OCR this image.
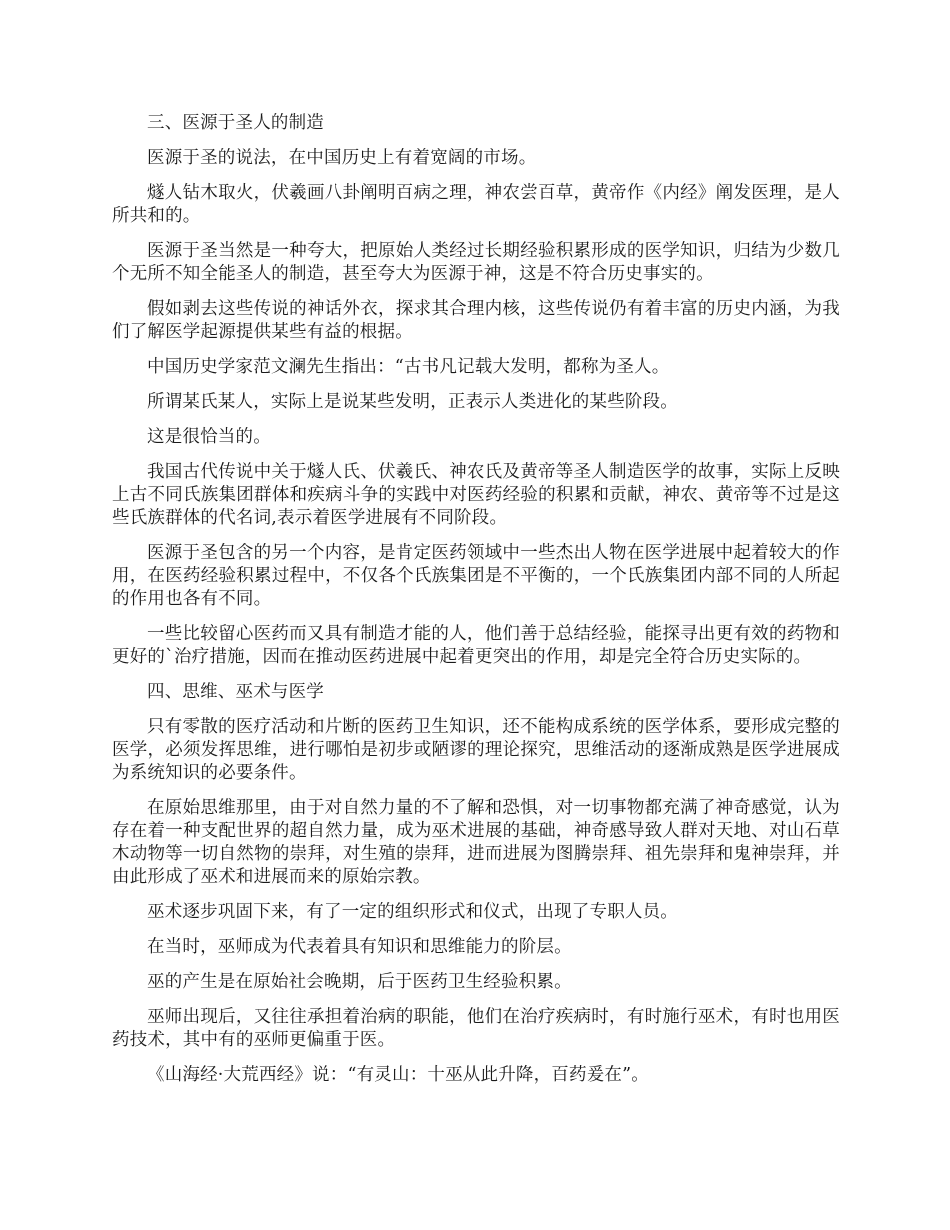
三、医源于圣人的制造

医源于圣的说法，在中国历史上有着宽阔的市场。

燧人钻木取火，伏羲画八卦阐明百病之理，神农尝百草，黄帝作《内经》阐发医理，是人所共和的。

医源于圣当然是一种夸大，把原始人类经过长期经验积累形成的医学知识，归结为少数几个无所不知全能圣人的制造，甚至夸大为医源于神，这是不符合历史事实的。

假如剥去这些传说的神话外衣，探求其合理内核，这些传说仍有着丰富的历史内涵，为我们了解医学起源提供某些有益的根据。

中国历史学家范文澜先生指出：“古书凡记载大发明，都称为圣人。

所谓某氏某人，实际上是说某些发明，正表示人类进化的某些阶段。

这是很恰当的。

我国古代传说中关于燧人氏、伏羲氏、神农氏及黄帝等圣人制造医学的故事，实际上反映上古不同氏族集团群体和疾病斗争的实践中对医药经验的积累和贡献，神农、黄帝等不过是这些氏族群体的代名词,表示着医学进展有不同阶段。

医源于圣包含的另一个内容，是肯定医药领域中一些杰出人物在医学进展中起着较大的作用，在医药经验积累过程中，不仅各个氏族集团是不平衡的，一个氏族集团内部不同的人所起的作用也各有不同。

一些比较留心医药而又具有制造才能的人，他们善于总结经验，能探寻出更有效的药物和更好的`治疗措施，因而在推动医药进展中起着更突出的作用，却是完全符合历史实际的。

四、思维、巫术与医学

只有零散的医疗活动和片断的医药卫生知识，还不能构成系统的医学体系，要形成完整的医学，必须发挥思维，进行哪怕是初步或陋谬的理论探究，思维活动的逐渐成熟是医学进展成为系统知识的必要条件。

在原始思维那里，由于对自然力量的不了解和恐惧，对一切事物都充满了神奇感觉，认为存在着一种支配世界的超自然力量，成为巫术进展的基础，神奇感导致人群对天地、对山石草木动物等一切自然物的崇拜，对生殖的崇拜，进而进展为图腾崇拜、祖先崇拜和鬼神崇拜，并由此形成了巫术和进展而来的原始宗教。

巫术逐步巩固下来，有了一定的组织形式和仪式，出现了专职人员。

在当时，巫师成为代表着具有知识和思维能力的阶层。

巫的产生是在原始社会晚期，后于医药卫生经验积累。

巫师出现后，又往往承担着治病的职能，他们在治疗疾病时，有时施行巫术，有时也用医药技术，其中有的巫师更偏重于医。

《山海经·大荒西经》说：“有灵山：十巫从此升降，百药爰在”。
